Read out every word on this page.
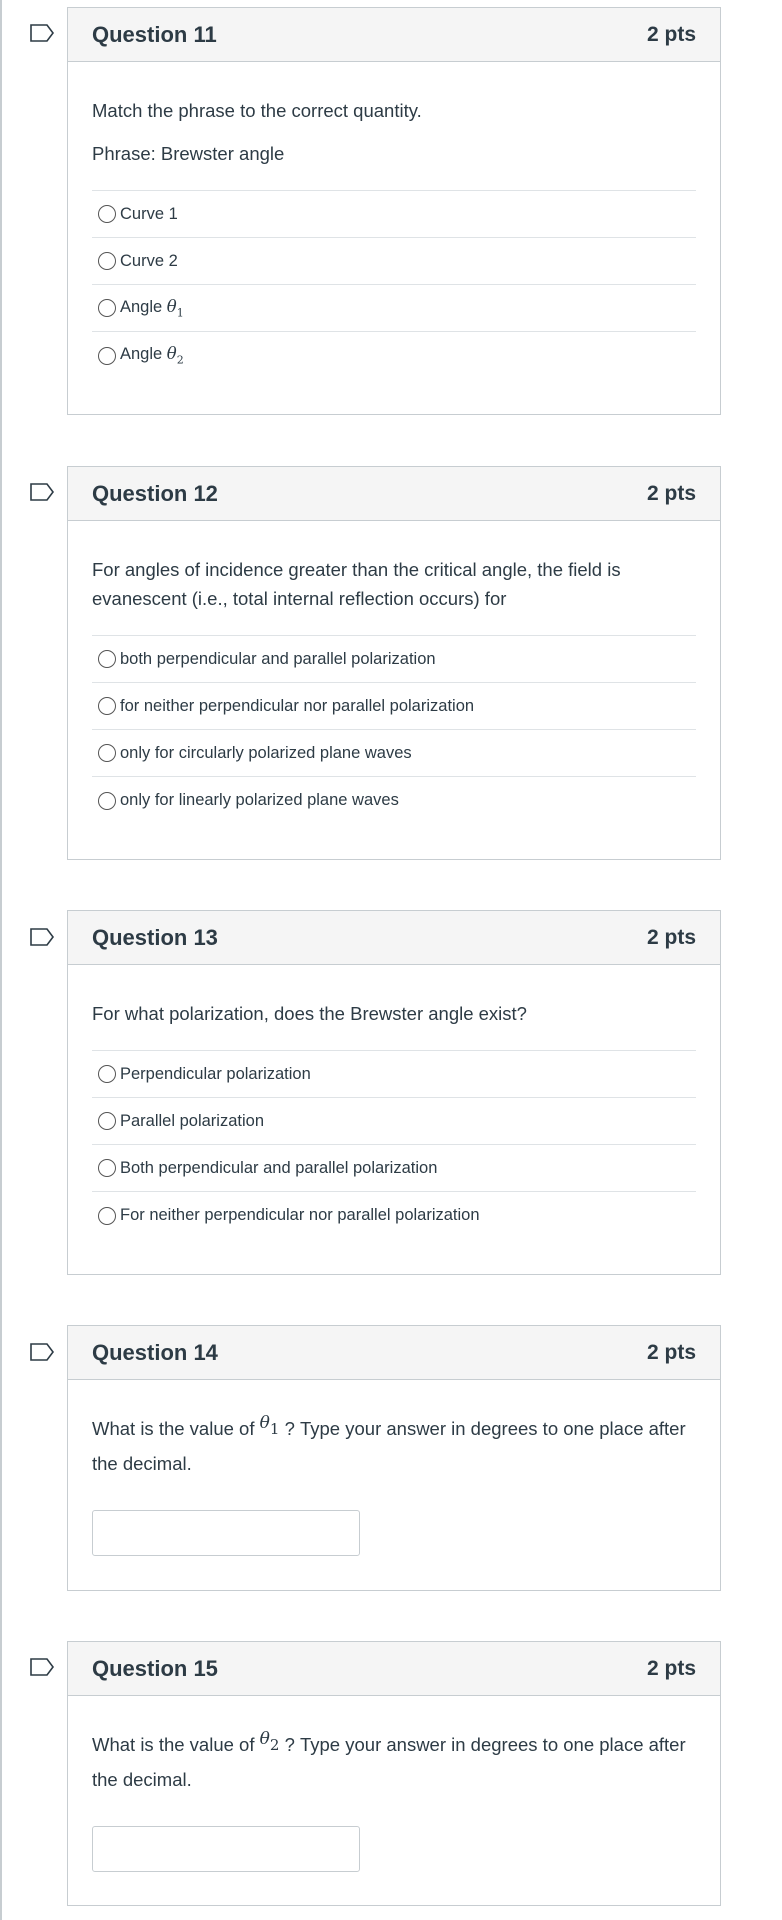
Question 11	2 pts

Match the phrase to the correct quantity.

Phrase: Brewster angle

Curve 1
Curve 2
Angle $\theta_1$
Angle $\theta_2$
Question 12	2 pts

For angles of incidence greater than the critical angle, the field is evanescent (i.e., total internal reflection occurs) for

both perpendicular and parallel polarization
for neither perpendicular nor parallel polarization
only for circularly polarized plane waves
only for linearly polarized plane waves
Question 13	2 pts

For what polarization, does the Brewster angle exist?

Perpendicular polarization
Parallel polarization
Both perpendicular and parallel polarization
For neither perpendicular nor parallel polarization
Question 14	2 pts

What is the value of $\theta_1$ ? Type your answer in degrees to one place after the decimal.

Question 15	2 pts

What is the value of $\theta_2$ ? Type your answer in degrees to one place after the decimal.
